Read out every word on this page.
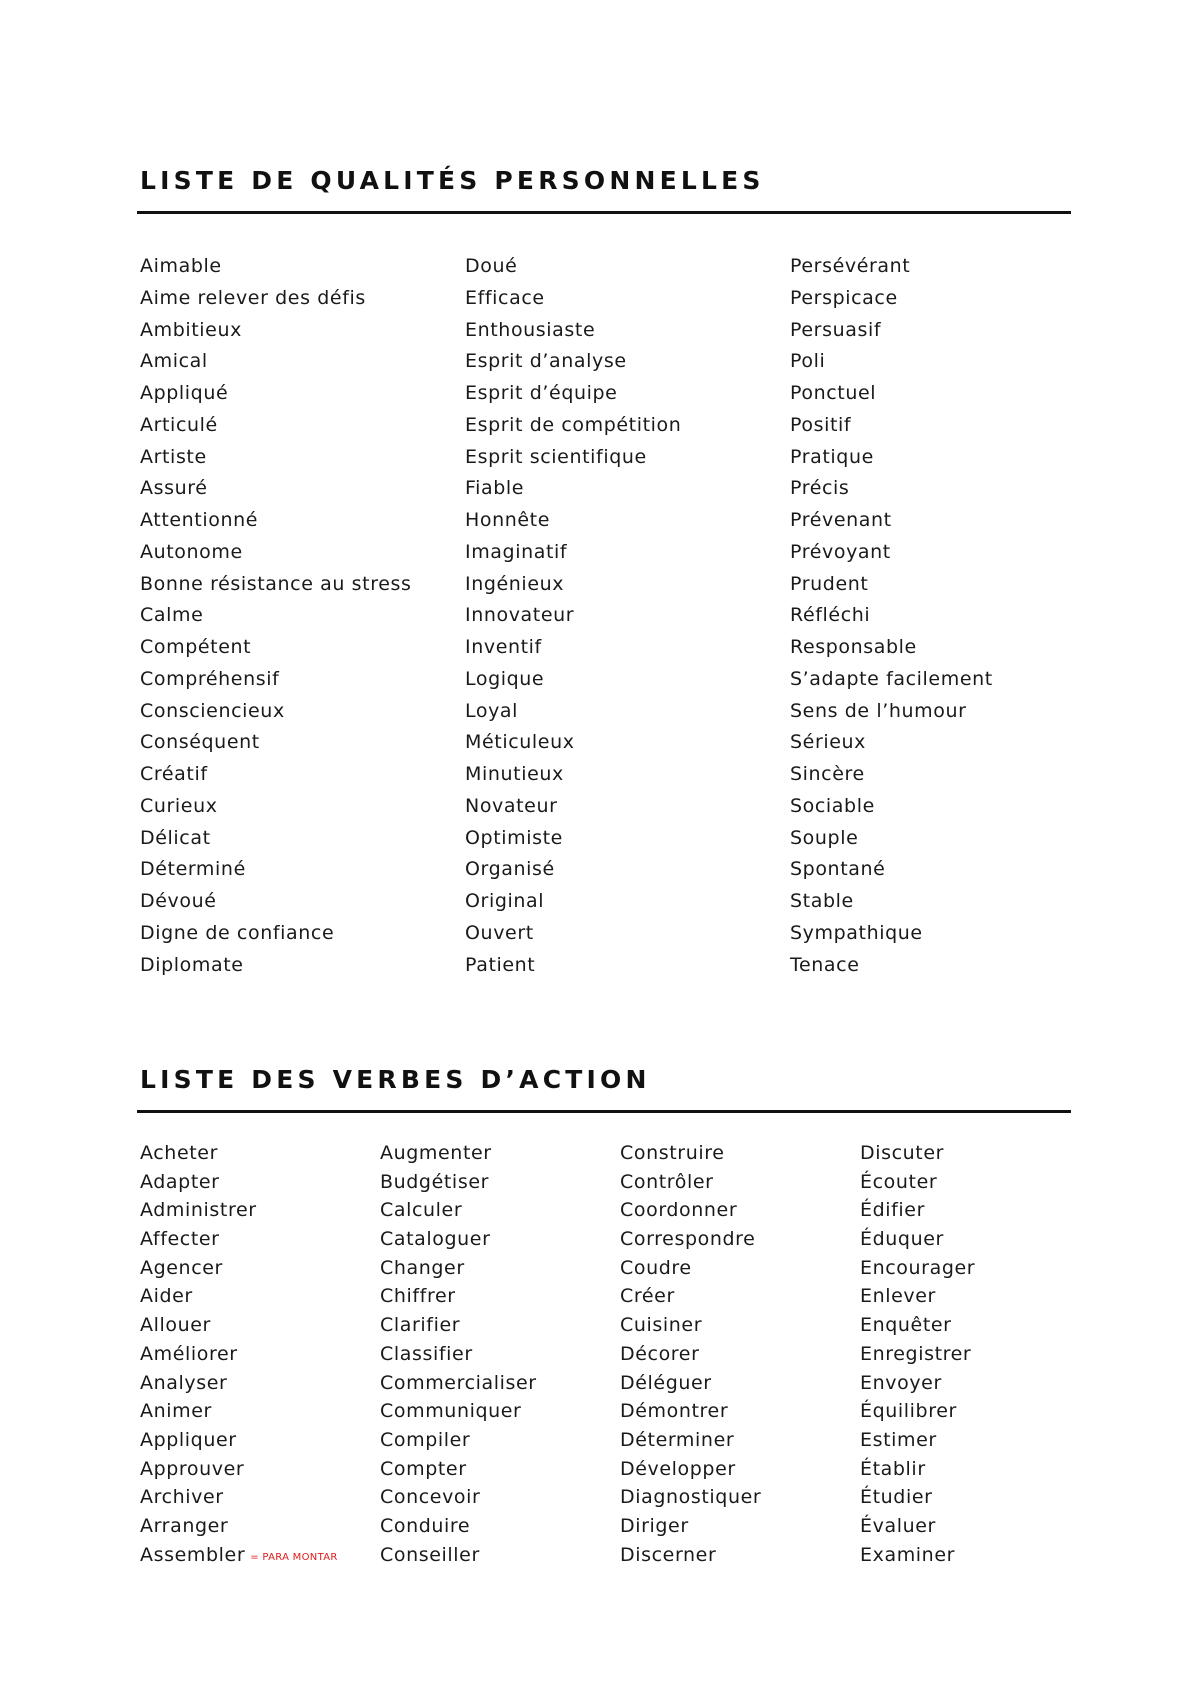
LISTE DE QUALITÉS PERSONNELLES
Aimable
Aime relever des défis
Ambitieux
Amical
Appliqué
Articulé
Artiste
Assuré
Attentionné
Autonome
Bonne résistance au stress
Calme
Compétent
Compréhensif
Consciencieux
Conséquent
Créatif
Curieux
Délicat
Déterminé
Dévoué
Digne de confiance
Diplomate
Doué
Efficace
Enthousiaste
Esprit d’analyse
Esprit d’équipe
Esprit de compétition
Esprit scientifique
Fiable
Honnête
Imaginatif
Ingénieux
Innovateur
Inventif
Logique
Loyal
Méticuleux
Minutieux
Novateur
Optimiste
Organisé
Original
Ouvert
Patient
Persévérant
Perspicace
Persuasif
Poli
Ponctuel
Positif
Pratique
Précis
Prévenant
Prévoyant
Prudent
Réfléchi
Responsable
S’adapte facilement
Sens de l’humour
Sérieux
Sincère
Sociable
Souple
Spontané
Stable
Sympathique
Tenace
LISTE DES VERBES D’ACTION
Acheter
Adapter
Administrer
Affecter
Agencer
Aider
Allouer
Améliorer
Analyser
Animer
Appliquer
Approuver
Archiver
Arranger
Assembler = PARA MONTAR
Augmenter
Budgétiser
Calculer
Cataloguer
Changer
Chiffrer
Clarifier
Classifier
Commercialiser
Communiquer
Compiler
Compter
Concevoir
Conduire
Conseiller
Construire
Contrôler
Coordonner
Correspondre
Coudre
Créer
Cuisiner
Décorer
Déléguer
Démontrer
Déterminer
Développer
Diagnostiquer
Diriger
Discerner
Discuter
Écouter
Édifier
Éduquer
Encourager
Enlever
Enquêter
Enregistrer
Envoyer
Équilibrer
Estimer
Établir
Étudier
Évaluer
Examiner
